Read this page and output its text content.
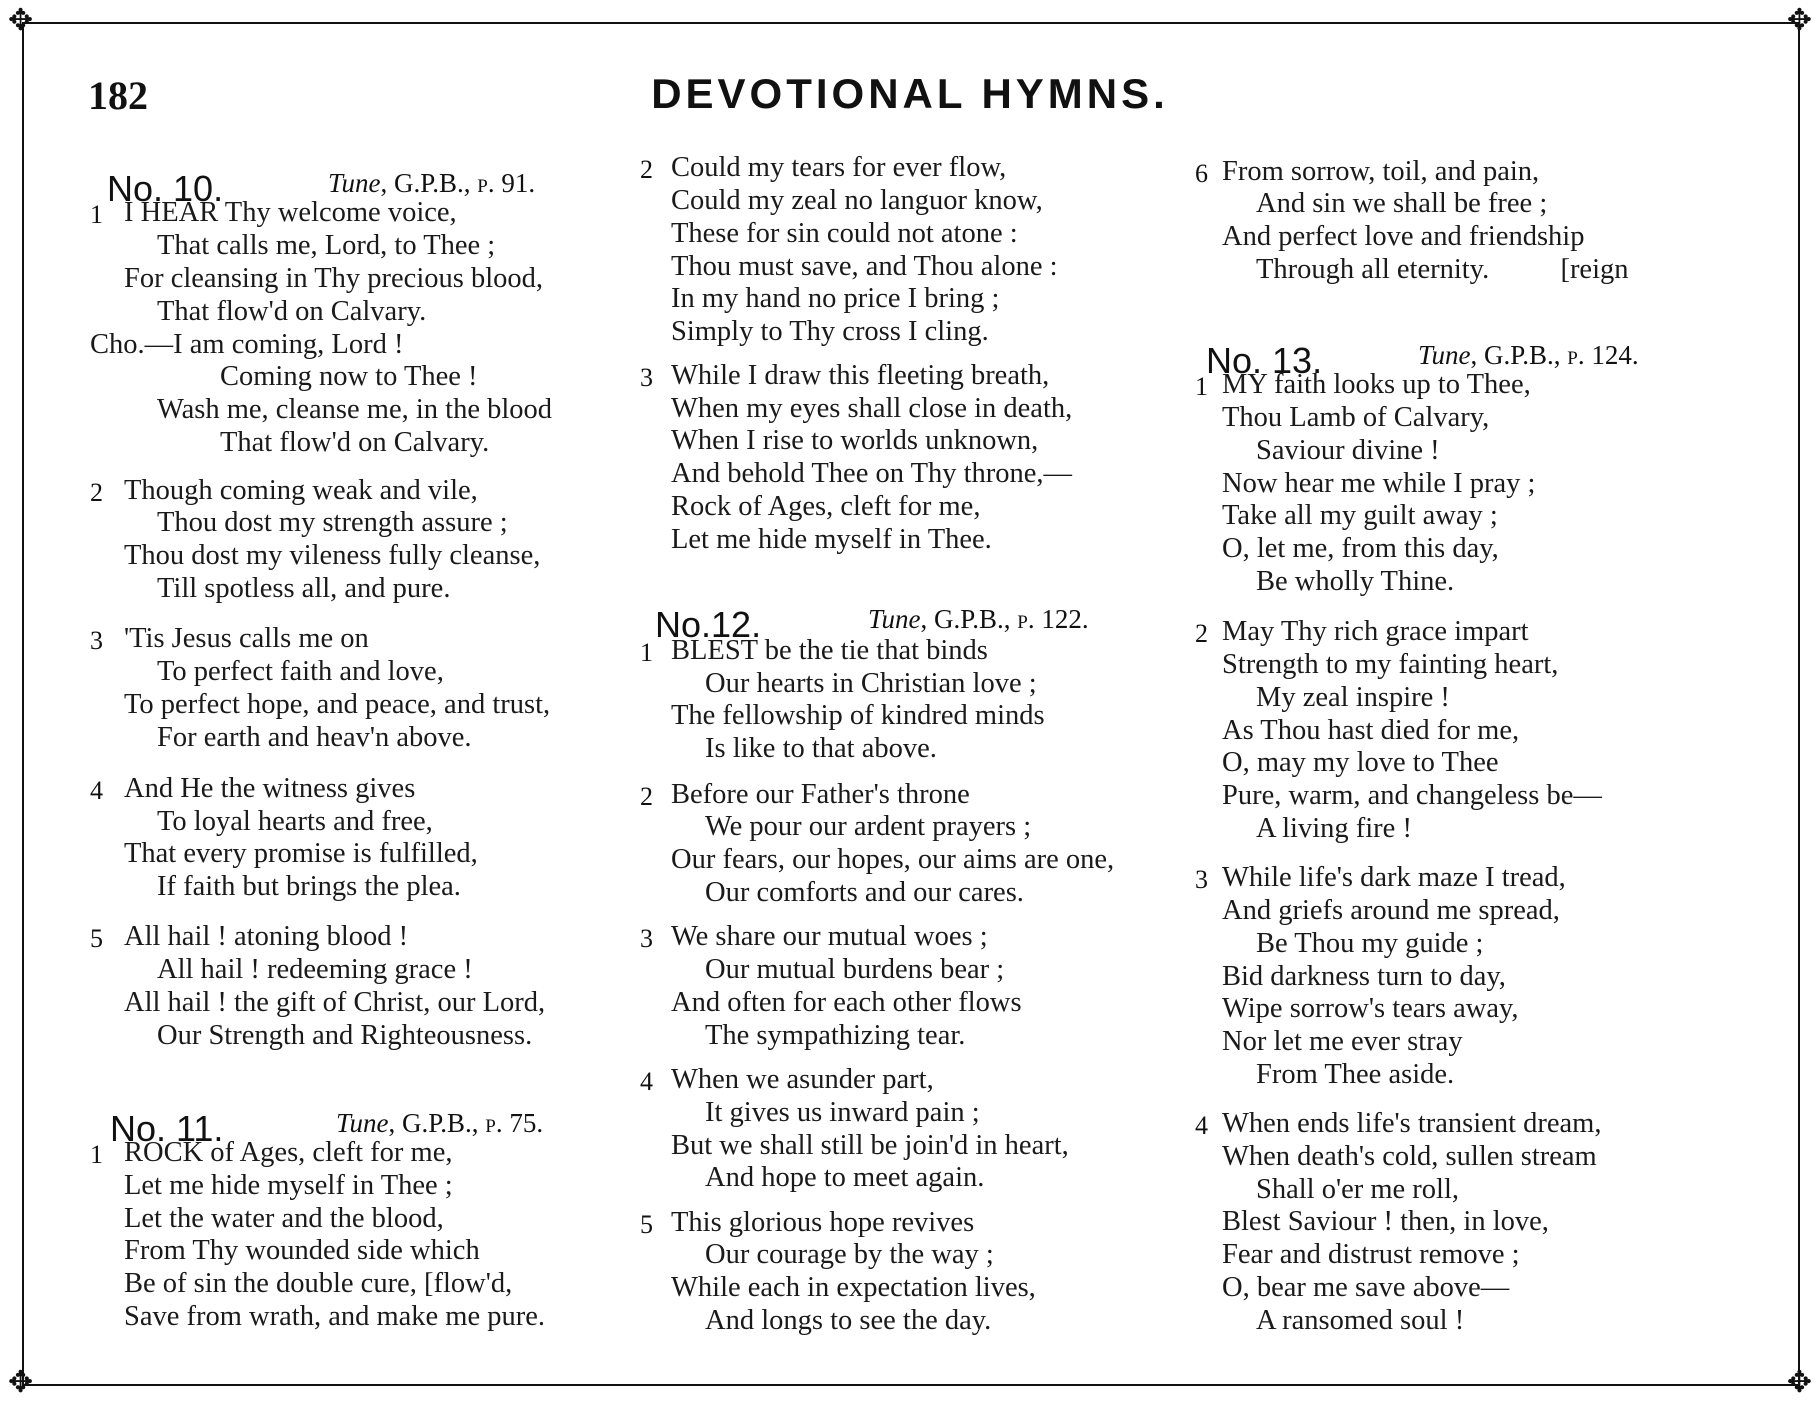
✥	✥
✥	✥
182	DEVOTIONAL HYMNS.
No. 10.	Tune, G.P.B., p. 91.
No. 11.	Tune, G.P.B., p. 75.
No.12.	Tune, G.P.B., p. 122.
No. 13.	Tune, G.P.B., p. 124.
1 I HEAR Thy welcome voice,
That calls me, Lord, to Thee ;
For cleansing in Thy precious blood,
That flow'd on Calvary.
Cho.—I am coming, Lord !
Coming now to Thee !
Wash me, cleanse me, in the blood
That flow'd on Calvary.
2 Though coming weak and vile,
Thou dost my strength assure ;
Thou dost my vileness fully cleanse,
Till spotless all, and pure.
3 'Tis Jesus calls me on
To perfect faith and love,
To perfect hope, and peace, and trust,
For earth and heav'n above.
4 And He the witness gives
To loyal hearts and free,
That every promise is fulfilled,
If faith but brings the plea.
5 All hail ! atoning blood !
All hail ! redeeming grace !
All hail ! the gift of Christ, our Lord,
Our Strength and Righteousness.
1 ROCK of Ages, cleft for me,
Let me hide myself in Thee ;
Let the water and the blood,
From Thy wounded side which
Be of sin the double cure, [flow'd,
Save from wrath, and make me pure.
2 Could my tears for ever flow,
Could my zeal no languor know,
These for sin could not atone :
Thou must save, and Thou alone :
In my hand no price I bring ;
Simply to Thy cross I cling.
3 While I draw this fleeting breath,
When my eyes shall close in death,
When I rise to worlds unknown,
And behold Thee on Thy throne,—
Rock of Ages, cleft for me,
Let me hide myself in Thee.
1 BLEST be the tie that binds
Our hearts in Christian love ;
The fellowship of kindred minds
Is like to that above.
2 Before our Father's throne
We pour our ardent prayers ;
Our fears, our hopes, our aims are one,
Our comforts and our cares.
3 We share our mutual woes ;
Our mutual burdens bear ;
And often for each other flows
The sympathizing tear.
4 When we asunder part,
It gives us inward pain ;
But we shall still be join'd in heart,
And hope to meet again.
5 This glorious hope revives
Our courage by the way ;
While each in expectation lives,
And longs to see the day.
6 From sorrow, toil, and pain,
And sin we shall be free ;
And perfect love and friendship
Through all eternity.          [reign
1 MY faith looks up to Thee,
Thou Lamb of Calvary,
Saviour divine !
Now hear me while I pray ;
Take all my guilt away ;
O, let me, from this day,
Be wholly Thine.
2 May Thy rich grace impart
Strength to my fainting heart,
My zeal inspire !
As Thou hast died for me,
O, may my love to Thee
Pure, warm, and changeless be—
A living fire !
3 While life's dark maze I tread,
And griefs around me spread,
Be Thou my guide ;
Bid darkness turn to day,
Wipe sorrow's tears away,
Nor let me ever stray
From Thee aside.
4 When ends life's transient dream,
When death's cold, sullen stream
Shall o'er me roll,
Blest Saviour ! then, in love,
Fear and distrust remove ;
O, bear me save above—
A ransomed soul !
